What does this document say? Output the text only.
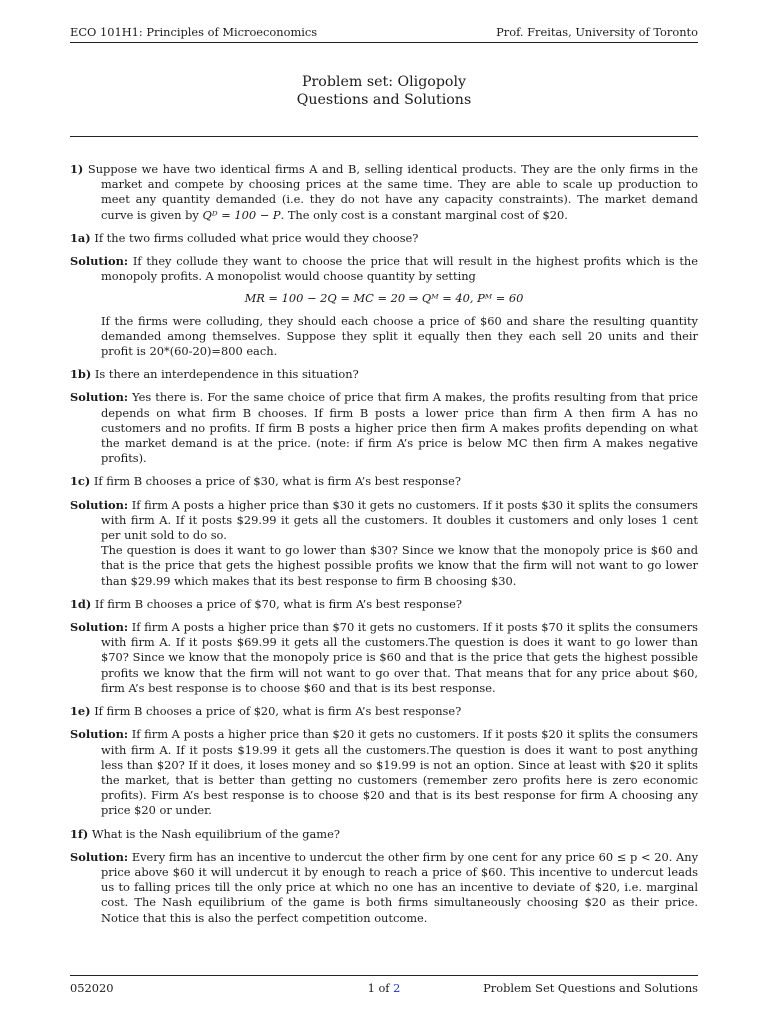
ECO 101H1: Principles of Microeconomics	Prof. Freitas, University of Toronto
Problem set: Oligopoly
Questions and Solutions

1) Suppose we have two identical firms A and B, selling identical products. They are the only firms in the market and compete by choosing prices at the same time. They are able to scale up production to meet any quantity demanded (i.e. they do not have any capacity constraints). The market demand curve is given by Qᴰ = 100 − P. The only cost is a constant marginal cost of $20.

1a) If the two firms colluded what price would they choose?

Solution: If they collude they want to choose the price that will result in the highest profits which is the monopoly profits. A monopolist would choose quantity by setting
MR = 100 − 2Q = MC = 20 ⇒ Qᴹ = 40, Pᴹ = 60

If the firms were colluding, they should each choose a price of $60 and share the resulting quantity demanded among themselves. Suppose they split it equally then they each sell 20 units and their profit is 20*(60-20)=800 each.

1b) Is there an interdependence in this situation?

Solution: Yes there is. For the same choice of price that firm A makes, the profits resulting from that price depends on what firm B chooses. If firm B posts a lower price than firm A then firm A has no customers and no profits. If firm B posts a higher price then firm A makes profits depending on what the market demand is at the price. (note: if firm A’s price is below MC then firm A makes negative profits).

1c) If firm B chooses a price of $30, what is firm A’s best response?

Solution: If firm A posts a higher price than $30 it gets no customers. If it posts $30 it splits the consumers with firm A. If it posts $29.99 it gets all the customers. It doubles it customers and only loses 1 cent per unit sold to do so.

The question is does it want to go lower than $30? Since we know that the monopoly price is $60 and that is the price that gets the highest possible profits we know that the firm will not want to go lower than $29.99 which makes that its best response to firm B choosing $30.

1d) If firm B chooses a price of $70, what is firm A’s best response?

Solution: If firm A posts a higher price than $70 it gets no customers. If it posts $70 it splits the consumers with firm A. If it posts $69.99 it gets all the customers.The question is does it want to go lower than $70? Since we know that the monopoly price is $60 and that is the price that gets the highest possible profits we know that the firm will not want to go over that. That means that for any price about $60, firm A’s best response is to choose $60 and that is its best response.

1e) If firm B chooses a price of $20, what is firm A’s best response?

Solution: If firm A posts a higher price than $20 it gets no customers. If it posts $20 it splits the consumers with firm A. If it posts $19.99 it gets all the customers.The question is does it want to post anything less than $20? If it does, it loses money and so $19.99 is not an option. Since at least with $20 it splits the market, that is better than getting no customers (remember zero profits here is zero economic profits). Firm A’s best response is to choose $20 and that is its best response for firm A choosing any price $20 or under.

1f) What is the Nash equilibrium of the game?

Solution: Every firm has an incentive to undercut the other firm by one cent for any price 60 ≤ p < 20. Any price above $60 it will undercut it by enough to reach a price of $60. This incentive to undercut leads us to falling prices till the only price at which no one has an incentive to deviate of $20, i.e. marginal cost. The Nash equilibrium of the game is both firms simultaneously choosing $20 as their price. Notice that this is also the perfect competition outcome.
052020	1 of 2	Problem Set Questions and Solutions
